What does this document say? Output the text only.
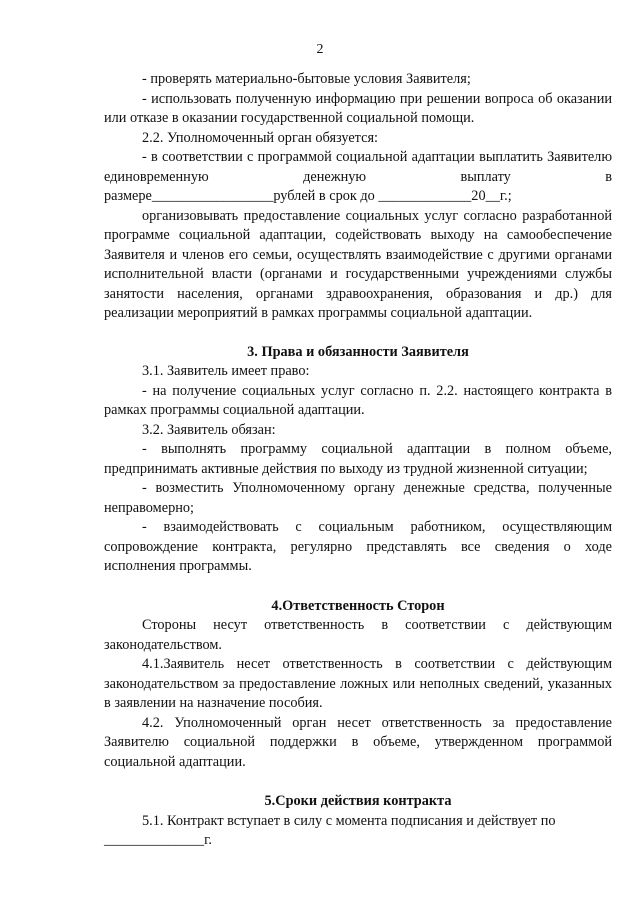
2

- проверять материально-бытовые условия Заявителя;

- использовать полученную информацию при решении вопроса об оказании или отказе в оказании государственной социальной помощи.

2.2. Уполномоченный орган обязуется:

- в соответствии с программой социальной адаптации выплатить Заявителю единовременную денежную выплату в

размере_________________рублей в срок до _____________20__г.;

организовывать предоставление социальных услуг согласно разработанной программе социальной адаптации, содействовать выходу на самообеспечение Заявителя и членов его семьи, осуществлять взаимодействие с другими органами исполнительной власти (органами и государственными учреждениями службы занятости населения, органами здравоохранения, образования и др.) для реализации мероприятий в рамках программы социальной адаптации.

3. Права и обязанности Заявителя

3.1. Заявитель имеет право:

- на получение социальных услуг согласно п. 2.2. настоящего контракта в рамках программы социальной адаптации.

3.2. Заявитель обязан:

- выполнять программу социальной адаптации в полном объеме, предпринимать активные действия по выходу из трудной жизненной ситуации;

- возместить Уполномоченному органу денежные средства, полученные неправомерно;

- взаимодействовать с социальным работником, осуществляющим сопровождение контракта, регулярно представлять все сведения о ходе исполнения программы.

4.Ответственность Сторон

Стороны несут ответственность в соответствии с действующим законодательством.

4.1.Заявитель несет ответственность в соответствии с действующим законодательством за предоставление ложных или неполных сведений, указанных в заявлении на назначение пособия.

4.2. Уполномоченный орган несет ответственность за предоставление Заявителю социальной поддержки в объеме, утвержденном программой социальной адаптации.

5.Сроки действия контракта

5.1. Контракт вступает в силу с момента подписания и действует по

______________г.
